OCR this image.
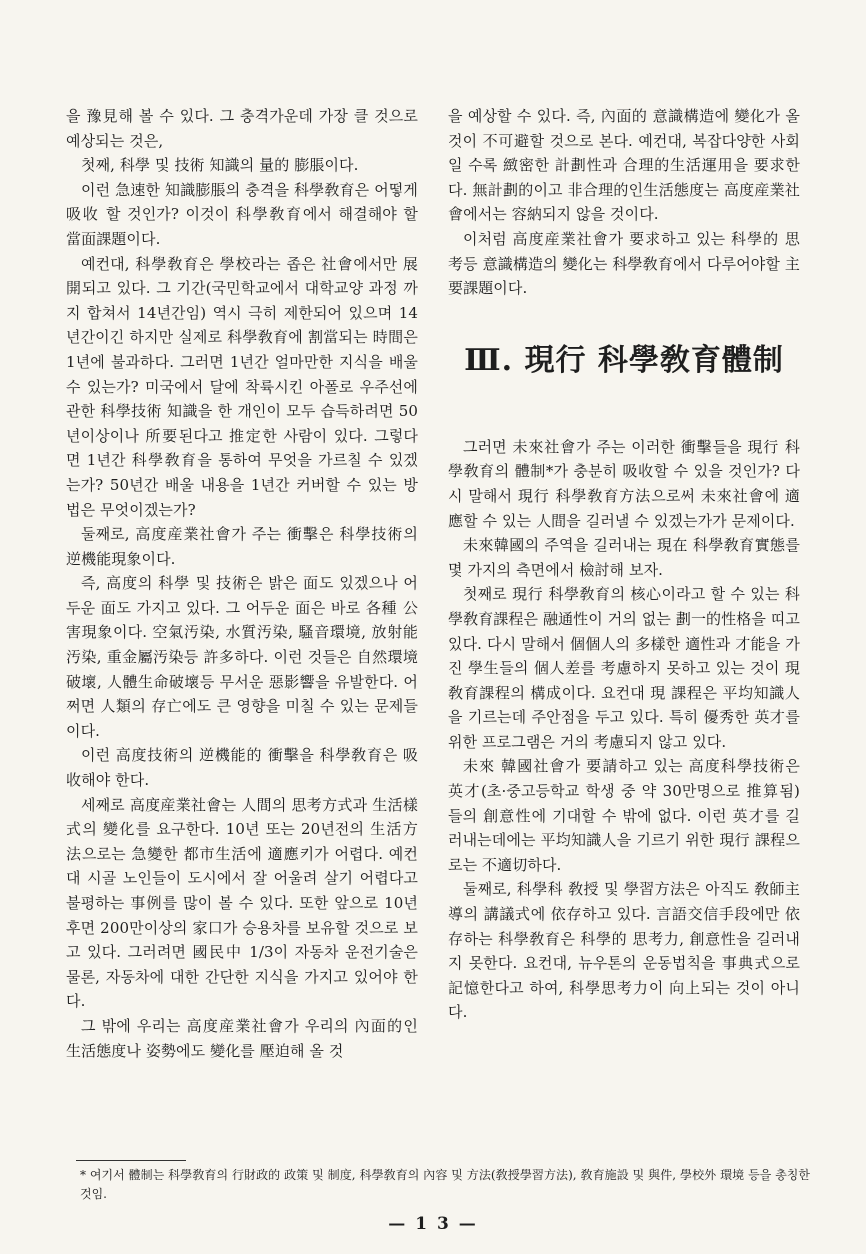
을 豫見해 볼 수 있다. 그 충격가운데 가장 클 것으로 예상되는 것은,

첫째, 科學 및 技術 知識의 量的 膨脹이다.

이런 急速한 知識膨脹의 충격을 科學敎育은 어떻게 吸收 할 것인가? 이것이 科學敎育에서 해결해야 할 當面課題이다.

예컨대, 科學敎育은 學校라는 좁은 社會에서만 展開되고 있다. 그 기간(국민학교에서 대학교양 과정 까지 합쳐서 14년간임) 역시 극히 제한되어 있으며 14년간이긴 하지만 실제로 科學敎育에 割當되는 時間은 1년에 불과하다. 그러면 1년간 얼마만한 지식을 배울 수 있는가? 미국에서 달에 착륙시킨 아폴로 우주선에 관한 科學技術 知識을 한 개인이 모두 습득하려면 50년이상이나 所要된다고 推定한 사람이 있다. 그렇다면 1년간 科學敎育을 통하여 무엇을 가르칠 수 있겠는가? 50년간 배울 내용을 1년간 커버할 수 있는 방법은 무엇이겠는가?

둘째로, 高度産業社會가 주는 衝擊은 科學技術의 逆機能現象이다.

즉, 高度의 科學 및 技術은 밝은 面도 있겠으나 어두운 面도 가지고 있다. 그 어두운 面은 바로 各種 公害現象이다. 空氣汚染, 水質汚染, 騷音環境, 放射能汚染, 重金屬汚染등 許多하다. 이런 것들은 自然環境破壞, 人體生命破壞등 무서운 惡影響을 유발한다. 어쩌면 人類의 存亡에도 큰 영향을 미칠 수 있는 문제들이다.

이런 高度技術의 逆機能的 衝擊을 科學敎育은 吸收해야 한다.

세째로 高度産業社會는 人間의 思考方式과 生活樣式의 變化를 요구한다. 10년 또는 20년전의 生活方法으로는 急變한 都市生活에 適應키가 어렵다. 예컨대 시골 노인들이 도시에서 잘 어울려 살기 어렵다고 불평하는 事例를 많이 볼 수 있다. 또한 앞으로 10년 후면 200만이상의 家口가 승용차를 보유할 것으로 보고 있다. 그러려면 國民中 1/3이 자동차 운전기술은 물론, 자동차에 대한 간단한 지식을 가지고 있어야 한다.

그 밖에 우리는 高度産業社會가 우리의 內面的인 生活態度나 姿勢에도 變化를 壓迫해 올 것

을 예상할 수 있다. 즉, 內面的 意識構造에 變化가 올 것이 不可避할 것으로 본다. 예컨대, 복잡다양한 사회일 수록 緻密한 計劃性과 合理的生活運用을 要求한다. 無計劃的이고 非合理的인生活態度는 高度産業社會에서는 容納되지 않을 것이다.

이처럼 高度産業社會가 要求하고 있는 科學的 思考등 意識構造의 變化는 科學敎育에서 다루어야할 主要課題이다.

Ⅲ. 現行 科學敎育體制

그러면 未來社會가 주는 이러한 衝擊들을 現行 科學敎育의 體制*가 충분히 吸收할 수 있을 것인가? 다시 말해서 現行 科學敎育方法으로써 未來社會에 適應할 수 있는 人間을 길러낼 수 있겠는가가 문제이다.

未來韓國의 주역을 길러내는 現在 科學敎育實態를 몇 가지의 측면에서 檢討해 보자.

첫째로 現行 科學敎育의 核心이라고 할 수 있는 科學敎育課程은 融通性이 거의 없는 劃一的性格을 띠고 있다. 다시 말해서 個個人의 多樣한 適性과 才能을 가진 學生들의 個人差를 考慮하지 못하고 있는 것이 現 敎育課程의 構成이다. 요컨대 現 課程은 平均知識人을 기르는데 주안점을 두고 있다. 특히 優秀한 英才를 위한 프로그램은 거의 考慮되지 않고 있다.

未來 韓國社會가 要請하고 있는 高度科學技術은 英才(초·중고등학교 학생 중 약 30만명으로 推算됨)들의 創意性에 기대할 수 밖에 없다. 이런 英才를 길러내는데에는 平均知識人을 기르기 위한 現行 課程으로는 不適切하다.

둘째로, 科學科 敎授 및 學習方法은 아직도 敎師主導의 講議式에 依存하고 있다. 言語交信手段에만 依存하는 科學敎育은 科學的 思考力, 創意性을 길러내지 못한다. 요컨대, 뉴우톤의 운동법칙을 事典式으로 記憶한다고 하여, 科學思考力이 向上되는 것이 아니다.

* 여기서 體制는 科學敎育의 行財政的 政策 및 制度, 科學敎育의 內容 및 方法(敎授學習方法), 敎育施設 및 與件, 學校外 環境 등을 총칭한 것임.
— 1 3 —
